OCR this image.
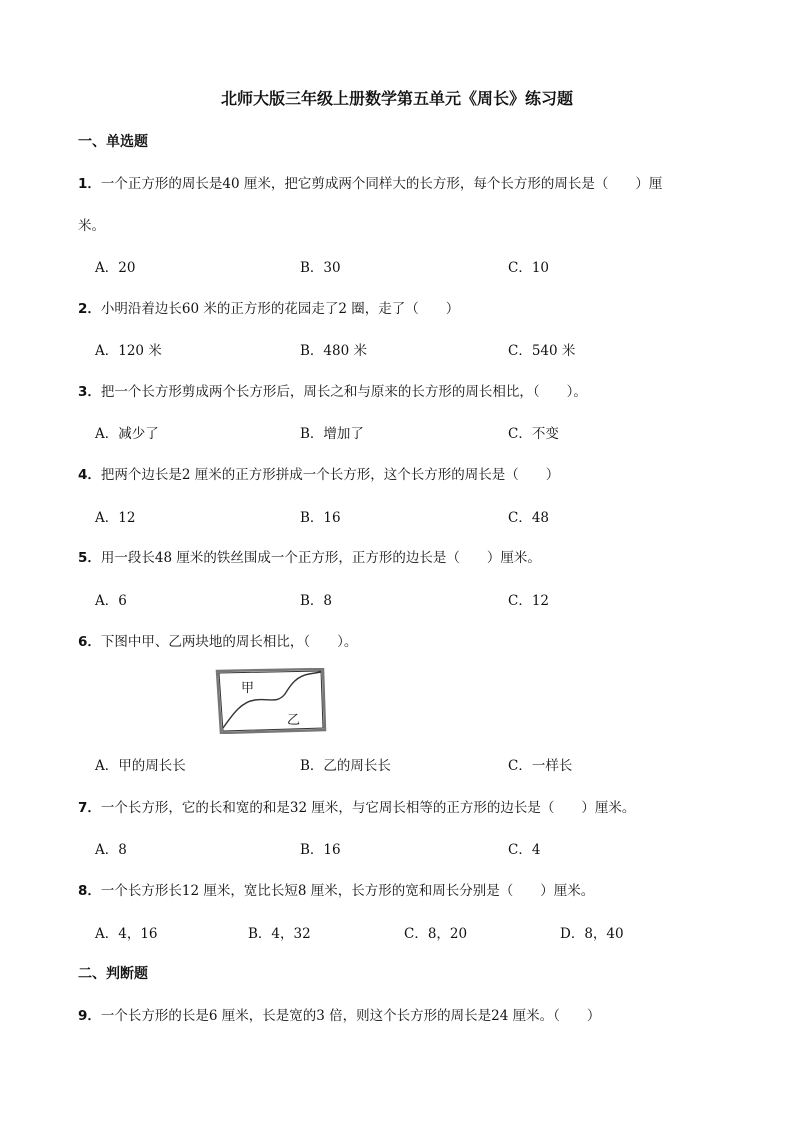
北师大版三年级上册数学第五单元《周长》练习题
一、单选题
1．一个正方形的周长是40 厘米，把它剪成两个同样大的长方形，每个长方形的周长是（　　）厘
米。
A．20	B．30	C．10
2．小明沿着边长60 米的正方形的花园走了2 圈，走了（　　）
A．120 米	B．480 米	C．540 米
3．把一个长方形剪成两个长方形后，周长之和与原来的长方形的周长相比，（　　）。
A．减少了	B．增加了	C．不变
4．把两个边长是2 厘米的正方形拼成一个长方形，这个长方形的周长是（　　）
A．12	B．16	C．48
5．用一段长48 厘米的铁丝围成一个正方形，正方形的边长是（　　）厘米。
A．6	B．8	C．12
6．下图中甲、乙两块地的周长相比，（　　）。
甲
乙
A．甲的周长长	B．乙的周长长	C．一样长
7．一个长方形，它的长和宽的和是32 厘米，与它周长相等的正方形的边长是（　　）厘米。
A．8	B．16	C．4
8．一个长方形长12 厘米，宽比长短8 厘米，长方形的宽和周长分别是（　　）厘米。
A．4，16	B．4，32	C．8，20	D．8，40
二、判断题
9．一个长方形的长是6 厘米，长是宽的3 倍，则这个长方形的周长是24 厘米。（　　）
